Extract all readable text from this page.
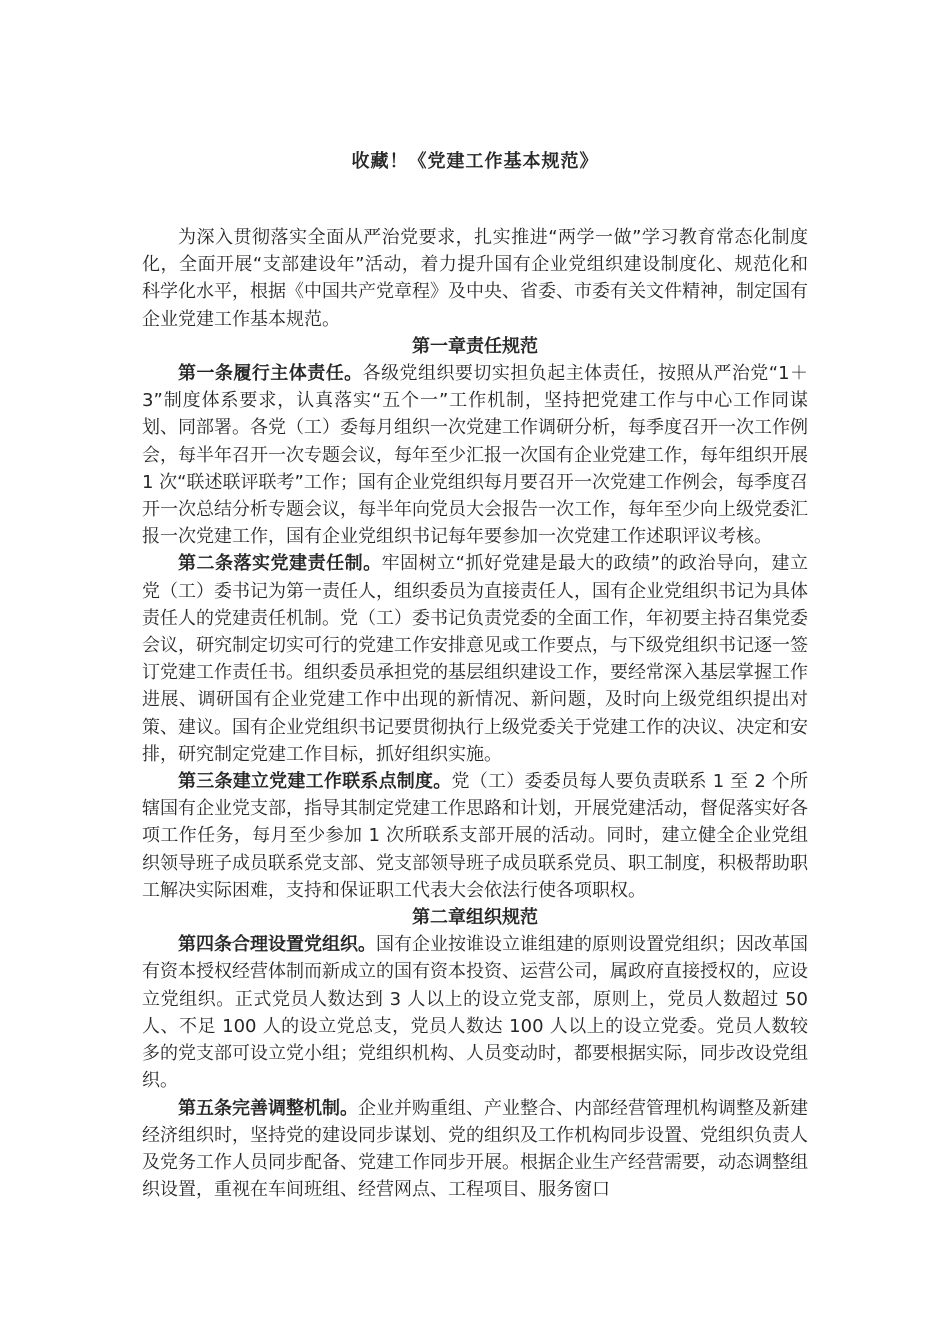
收藏！《党建工作基本规范》

为深入贯彻落实全面从严治党要求，扎实推进“两学一做”学习教育常态化制度化，全面开展“支部建设年”活动，着力提升国有企业党组织建设制度化、规范化和科学化水平，根据《中国共产党章程》及中央、省委、市委有关文件精神，制定国有企业党建工作基本规范。

第一章责任规范

第一条履行主体责任。各级党组织要切实担负起主体责任，按照从严治党“1＋3”制度体系要求，认真落实“五个一”工作机制，坚持把党建工作与中心工作同谋划、同部署。各党（工）委每月组织一次党建工作调研分析，每季度召开一次工作例会，每半年召开一次专题会议，每年至少汇报一次国有企业党建工作，每年组织开展 1 次“联述联评联考”工作；国有企业党组织每月要召开一次党建工作例会，每季度召开一次总结分析专题会议，每半年向党员大会报告一次工作，每年至少向上级党委汇报一次党建工作，国有企业党组织书记每年要参加一次党建工作述职评议考核。

第二条落实党建责任制。牢固树立“抓好党建是最大的政绩”的政治导向，建立党（工）委书记为第一责任人，组织委员为直接责任人，国有企业党组织书记为具体责任人的党建责任机制。党（工）委书记负责党委的全面工作，年初要主持召集党委会议，研究制定切实可行的党建工作安排意见或工作要点，与下级党组织书记逐一签订党建工作责任书。组织委员承担党的基层组织建设工作，要经常深入基层掌握工作进展、调研国有企业党建工作中出现的新情况、新问题，及时向上级党组织提出对策、建议。国有企业党组织书记要贯彻执行上级党委关于党建工作的决议、决定和安排，研究制定党建工作目标，抓好组织实施。

第三条建立党建工作联系点制度。党（工）委委员每人要负责联系 1 至 2 个所辖国有企业党支部，指导其制定党建工作思路和计划，开展党建活动，督促落实好各项工作任务，每月至少参加 1 次所联系支部开展的活动。同时，建立健全企业党组织领导班子成员联系党支部、党支部领导班子成员联系党员、职工制度，积极帮助职工解决实际困难，支持和保证职工代表大会依法行使各项职权。

第二章组织规范

第四条合理设置党组织。国有企业按谁设立谁组建的原则设置党组织；因改革国有资本授权经营体制而新成立的国有资本投资、运营公司，属政府直接授权的，应设立党组织。正式党员人数达到 3 人以上的设立党支部，原则上，党员人数超过 50 人、不足 100 人的设立党总支，党员人数达 100 人以上的设立党委。党员人数较多的党支部可设立党小组；党组织机构、人员变动时，都要根据实际，同步改设党组织。

第五条完善调整机制。企业并购重组、产业整合、内部经营管理机构调整及新建经济组织时，坚持党的建设同步谋划、党的组织及工作机构同步设置、党组织负责人及党务工作人员同步配备、党建工作同步开展。根据企业生产经营需要，动态调整组织设置，重视在车间班组、经营网点、工程项目、服务窗口
